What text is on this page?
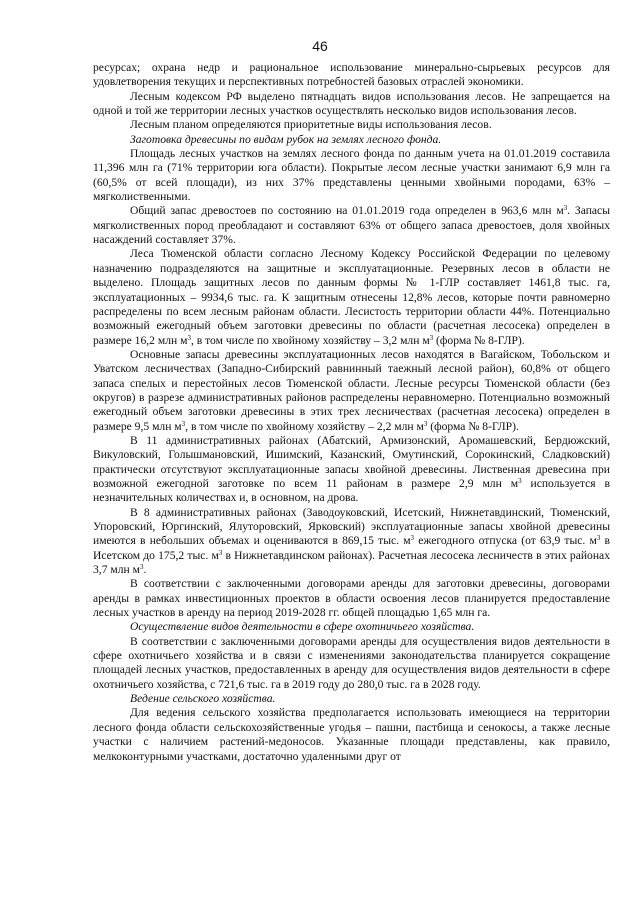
46

ресурсах; охрана недр и рациональное использование минерально-сырьевых ресурсов для удовлетворения текущих и перспективных потребностей базовых отраслей экономики.

Лесным кодексом РФ выделено пятнадцать видов использования лесов. Не запрещается на одной и той же территории лесных участков осуществлять несколько видов использования лесов.

Лесным планом определяются приоритетные виды использования лесов.

Заготовка древесины по видам рубок на землях лесного фонда.

Площадь лесных участков на землях лесного фонда по данным учета на 01.01.2019 составила 11,396 млн га (71% территории юга области). Покрытые лесом лесные участки занимают 6,9 млн га (60,5% от всей площади), из них 37% представлены ценными хвойными породами, 63% – мягколиственными.

Общий запас древостоев по состоянию на 01.01.2019 года определен в 963,6 млн $м^3$. Запасы мягколиственных пород преобладают и составляют 63% от общего запаса древостоев, доля хвойных насаждений составляет 37%.

Леса Тюменской области согласно Лесному Кодексу Российской Федерации по целевому назначению подразделяются на защитные и эксплуатационные. Резервных лесов в области не выделено. Площадь защитных лесов по данным формы № 1-ГЛР составляет 1461,8 тыс. га, эксплуатационных – 9934,6 тыс. га. К защитным отнесены 12,8% лесов, которые почти равномерно распределены по всем лесным районам области. Лесистость территории области 44%. Потенциально возможный ежегодный объем заготовки древесины по области (расчетная лесосека) определен в размере 16,2 млн $м^3$, в том числе по хвойному хозяйству – 3,2 млн $м^3$ (форма № 8-ГЛР).

Основные запасы древесины эксплуатационных лесов находятся в Вагайском, Тобольском и Уватском лесничествах (Западно-Сибирский равнинный таежный лесной район), 60,8% от общего запаса спелых и перестойных лесов Тюменской области. Лесные ресурсы Тюменской области (без округов) в разрезе административных районов распределены неравномерно. Потенциально возможный ежегодный объем заготовки древесины в этих трех лесничествах (расчетная лесосека) определен в размере 9,5 млн $м^3$, в том числе по хвойному хозяйству – 2,2 млн $м^3$ (форма № 8-ГЛР).

В 11 административных районах (Абатский, Армизонский, Аромашевский, Бердюжский, Викуловский, Голышмановский, Ишимский, Казанский, Омутинский, Сорокинский, Сладковский) практически отсутствуют эксплуатационные запасы хвойной древесины. Лиственная древесина при возможной ежегодной заготовке по всем 11 районам в размере 2,9 млн $м^3$ используется в незначительных количествах и, в основном, на дрова.

В 8 административных районах (Заводоуковский, Исетский, Нижнетавдинский, Тюменский, Упоровский, Юргинский, Ялуторовский, Ярковский) эксплуатационные запасы хвойной древесины имеются в небольших объемах и оцениваются в 869,15 тыс. $м^3$ ежегодного отпуска (от 63,9 тыс. $м^3$ в Исетском до 175,2 тыс. $м^3$ в Нижнетавдинском районах). Расчетная лесосека лесничеств в этих районах 3,7 млн $м^3$.

В соответствии с заключенными договорами аренды для заготовки древесины, договорами аренды в рамках инвестиционных проектов в области освоения лесов планируется предоставление лесных участков в аренду на период 2019-2028 гг. общей площадью 1,65 млн га.

Осуществление видов деятельности в сфере охотничьего хозяйства.

В соответствии с заключенными договорами аренды для осуществления видов деятельности в сфере охотничьего хозяйства и в связи с изменениями законодательства планируется сокращение площадей лесных участков, предоставленных в аренду для осуществления видов деятельности в сфере охотничьего хозяйства, с 721,6 тыс. га в 2019 году до 280,0 тыс. га в 2028 году.

Ведение сельского хозяйства.

Для ведения сельского хозяйства предполагается использовать имеющиеся на территории лесного фонда области сельскохозяйственные угодья – пашни, пастбища и сенокосы, а также лесные участки с наличием растений-медоносов. Указанные площади представлены, как правило, мелкоконтурными участками, достаточно удаленными друг от
